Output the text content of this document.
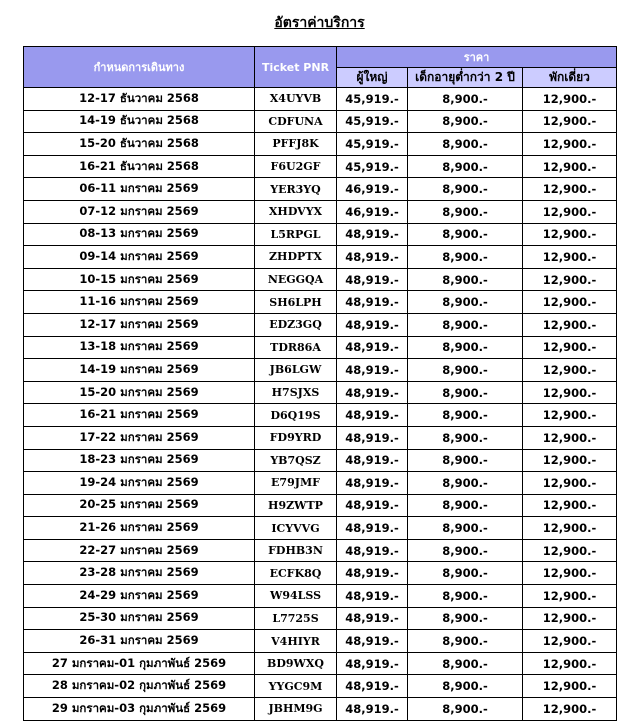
อัตราค่าบริการ
กำหนดการเดินทาง	Ticket PNR	ราคา		
		ผู้ใหญ่	เด็กอายุต่ำกว่า 2 ปี	พักเดี่ยว
12-17 ธันวาคม 2568	X4UYVB	45,919.-	8,900.-	12,900.-
14-19 ธันวาคม 2568	CDFUNA	45,919.-	8,900.-	12,900.-
15-20 ธันวาคม 2568	PFFJ8K	45,919.-	8,900.-	12,900.-
16-21 ธันวาคม 2568	F6U2GF	45,919.-	8,900.-	12,900.-
06-11 มกราคม 2569	YER3YQ	46,919.-	8,900.-	12,900.-
07-12 มกราคม 2569	XHDVYX	46,919.-	8,900.-	12,900.-
08-13 มกราคม 2569	L5RPGL	48,919.-	8,900.-	12,900.-
09-14 มกราคม 2569	ZHDPTX	48,919.-	8,900.-	12,900.-
10-15 มกราคม 2569	NEGGQA	48,919.-	8,900.-	12,900.-
11-16 มกราคม 2569	SH6LPH	48,919.-	8,900.-	12,900.-
12-17 มกราคม 2569	EDZ3GQ	48,919.-	8,900.-	12,900.-
13-18 มกราคม 2569	TDR86A	48,919.-	8,900.-	12,900.-
14-19 มกราคม 2569	JB6LGW	48,919.-	8,900.-	12,900.-
15-20 มกราคม 2569	H7SJXS	48,919.-	8,900.-	12,900.-
16-21 มกราคม 2569	D6Q19S	48,919.-	8,900.-	12,900.-
17-22 มกราคม 2569	FD9YRD	48,919.-	8,900.-	12,900.-
18-23 มกราคม 2569	YB7QSZ	48,919.-	8,900.-	12,900.-
19-24 มกราคม 2569	E79JMF	48,919.-	8,900.-	12,900.-
20-25 มกราคม 2569	H9ZWTP	48,919.-	8,900.-	12,900.-
21-26 มกราคม 2569	ICYVVG	48,919.-	8,900.-	12,900.-
22-27 มกราคม 2569	FDHB3N	48,919.-	8,900.-	12,900.-
23-28 มกราคม 2569	ECFK8Q	48,919.-	8,900.-	12,900.-
24-29 มกราคม 2569	W94LSS	48,919.-	8,900.-	12,900.-
25-30 มกราคม 2569	L7725S	48,919.-	8,900.-	12,900.-
26-31 มกราคม 2569	V4HIYR	48,919.-	8,900.-	12,900.-
27 มกราคม-01 กุมภาพันธ์ 2569	BD9WXQ	48,919.-	8,900.-	12,900.-
28 มกราคม-02 กุมภาพันธ์ 2569	YYGC9M	48,919.-	8,900.-	12,900.-
29 มกราคม-03 กุมภาพันธ์ 2569	JBHM9G	48,919.-	8,900.-	12,900.-
